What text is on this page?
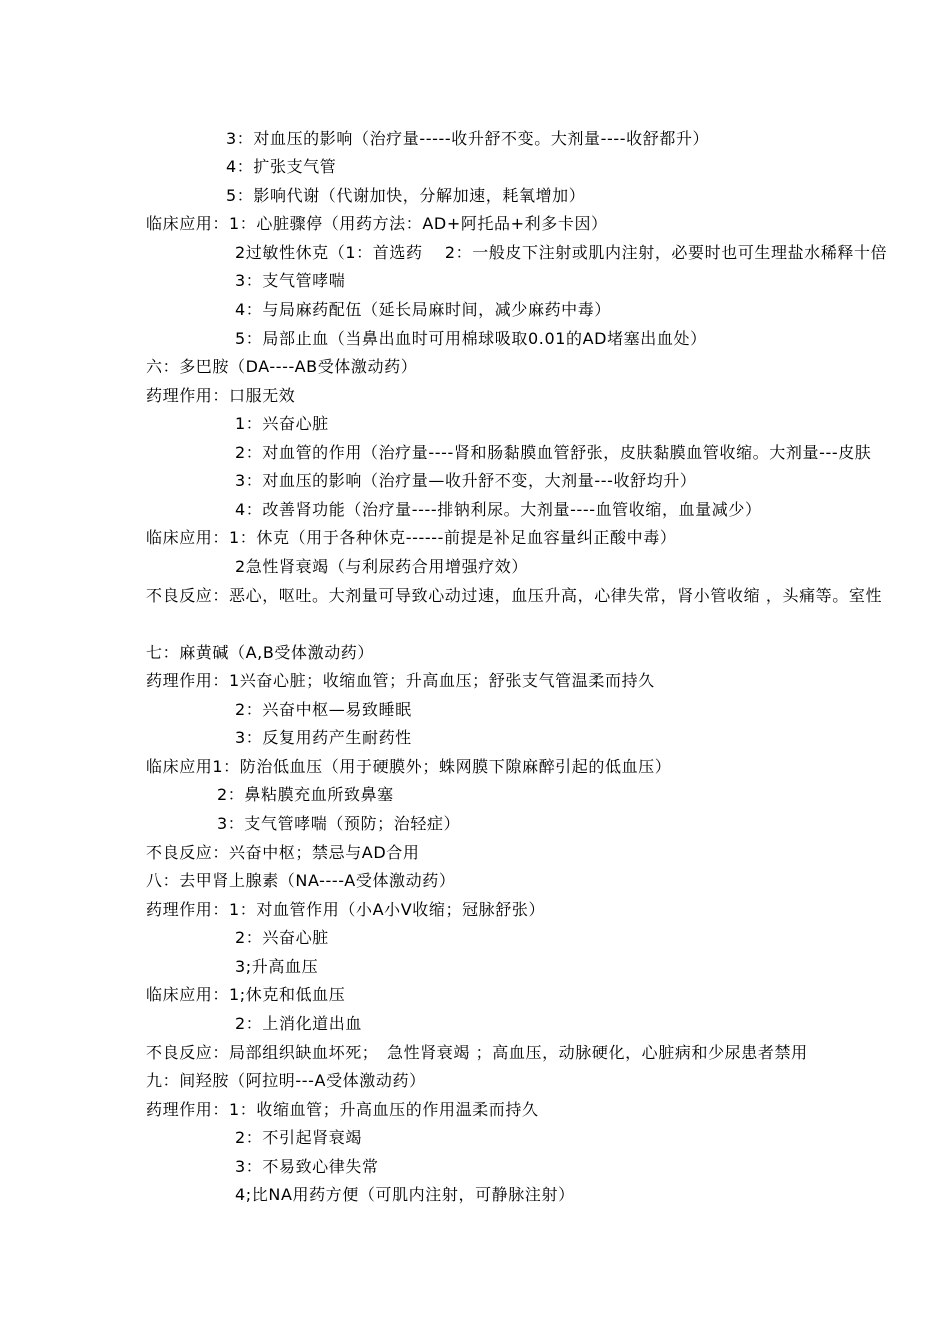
3：对血压的影响（治疗量-----收升舒不变。大剂量----收舒都升）
4：扩张支气管
5：影响代谢（代谢加快，分解加速，耗氧增加）
临床应用：1：心脏骤停（用药方法：AD+阿托品+利多卡因）
2过敏性休克（1：首选药　 2：一般皮下注射或肌内注射，必要时也可生理盐水稀释十倍
3：支气管哮喘
4：与局麻药配伍（延长局麻时间，减少麻药中毒）
5：局部止血（当鼻出血时可用棉球吸取0.01的AD堵塞出血处）
六：多巴胺（DA----AB受体激动药）
药理作用：口服无效
1：兴奋心脏
2：对血管的作用（治疗量----肾和肠黏膜血管舒张，皮肤黏膜血管收缩。大剂量---皮肤
3：对血压的影响（治疗量—收升舒不变，大剂量---收舒均升）
4：改善肾功能（治疗量----排钠利尿。大剂量----血管收缩，血量减少）
临床应用：1：休克（用于各种休克------前提是补足血容量纠正酸中毒）
2急性肾衰竭（与利尿药合用增强疗效）
不良反应：恶心，呕吐。大剂量可导致心动过速，血压升高，心律失常，肾小管收缩 ，头痛等。室性
七：麻黄碱（A,B受体激动药）
药理作用：1兴奋心脏；收缩血管；升高血压；舒张支气管温柔而持久
2：兴奋中枢—易致睡眠
3：反复用药产生耐药性
临床应用1：防治低血压（用于硬膜外；蛛网膜下隙麻醉引起的低血压）
2：鼻粘膜充血所致鼻塞
3：支气管哮喘（预防；治轻症）
不良反应：兴奋中枢；禁忌与AD合用
八：去甲肾上腺素（NA----A受体激动药）
药理作用：1：对血管作用（小A小V收缩；冠脉舒张）
2：兴奋心脏
3;升高血压
临床应用：1;休克和低血压
2：上消化道出血
不良反应：局部组织缺血坏死；　急性肾衰竭 ；高血压，动脉硬化，心脏病和少尿患者禁用
九：间羟胺（阿拉明---A受体激动药）
药理作用：1：收缩血管；升高血压的作用温柔而持久
2：不引起肾衰竭
3：不易致心律失常
4;比NA用药方便（可肌内注射，可静脉注射）
